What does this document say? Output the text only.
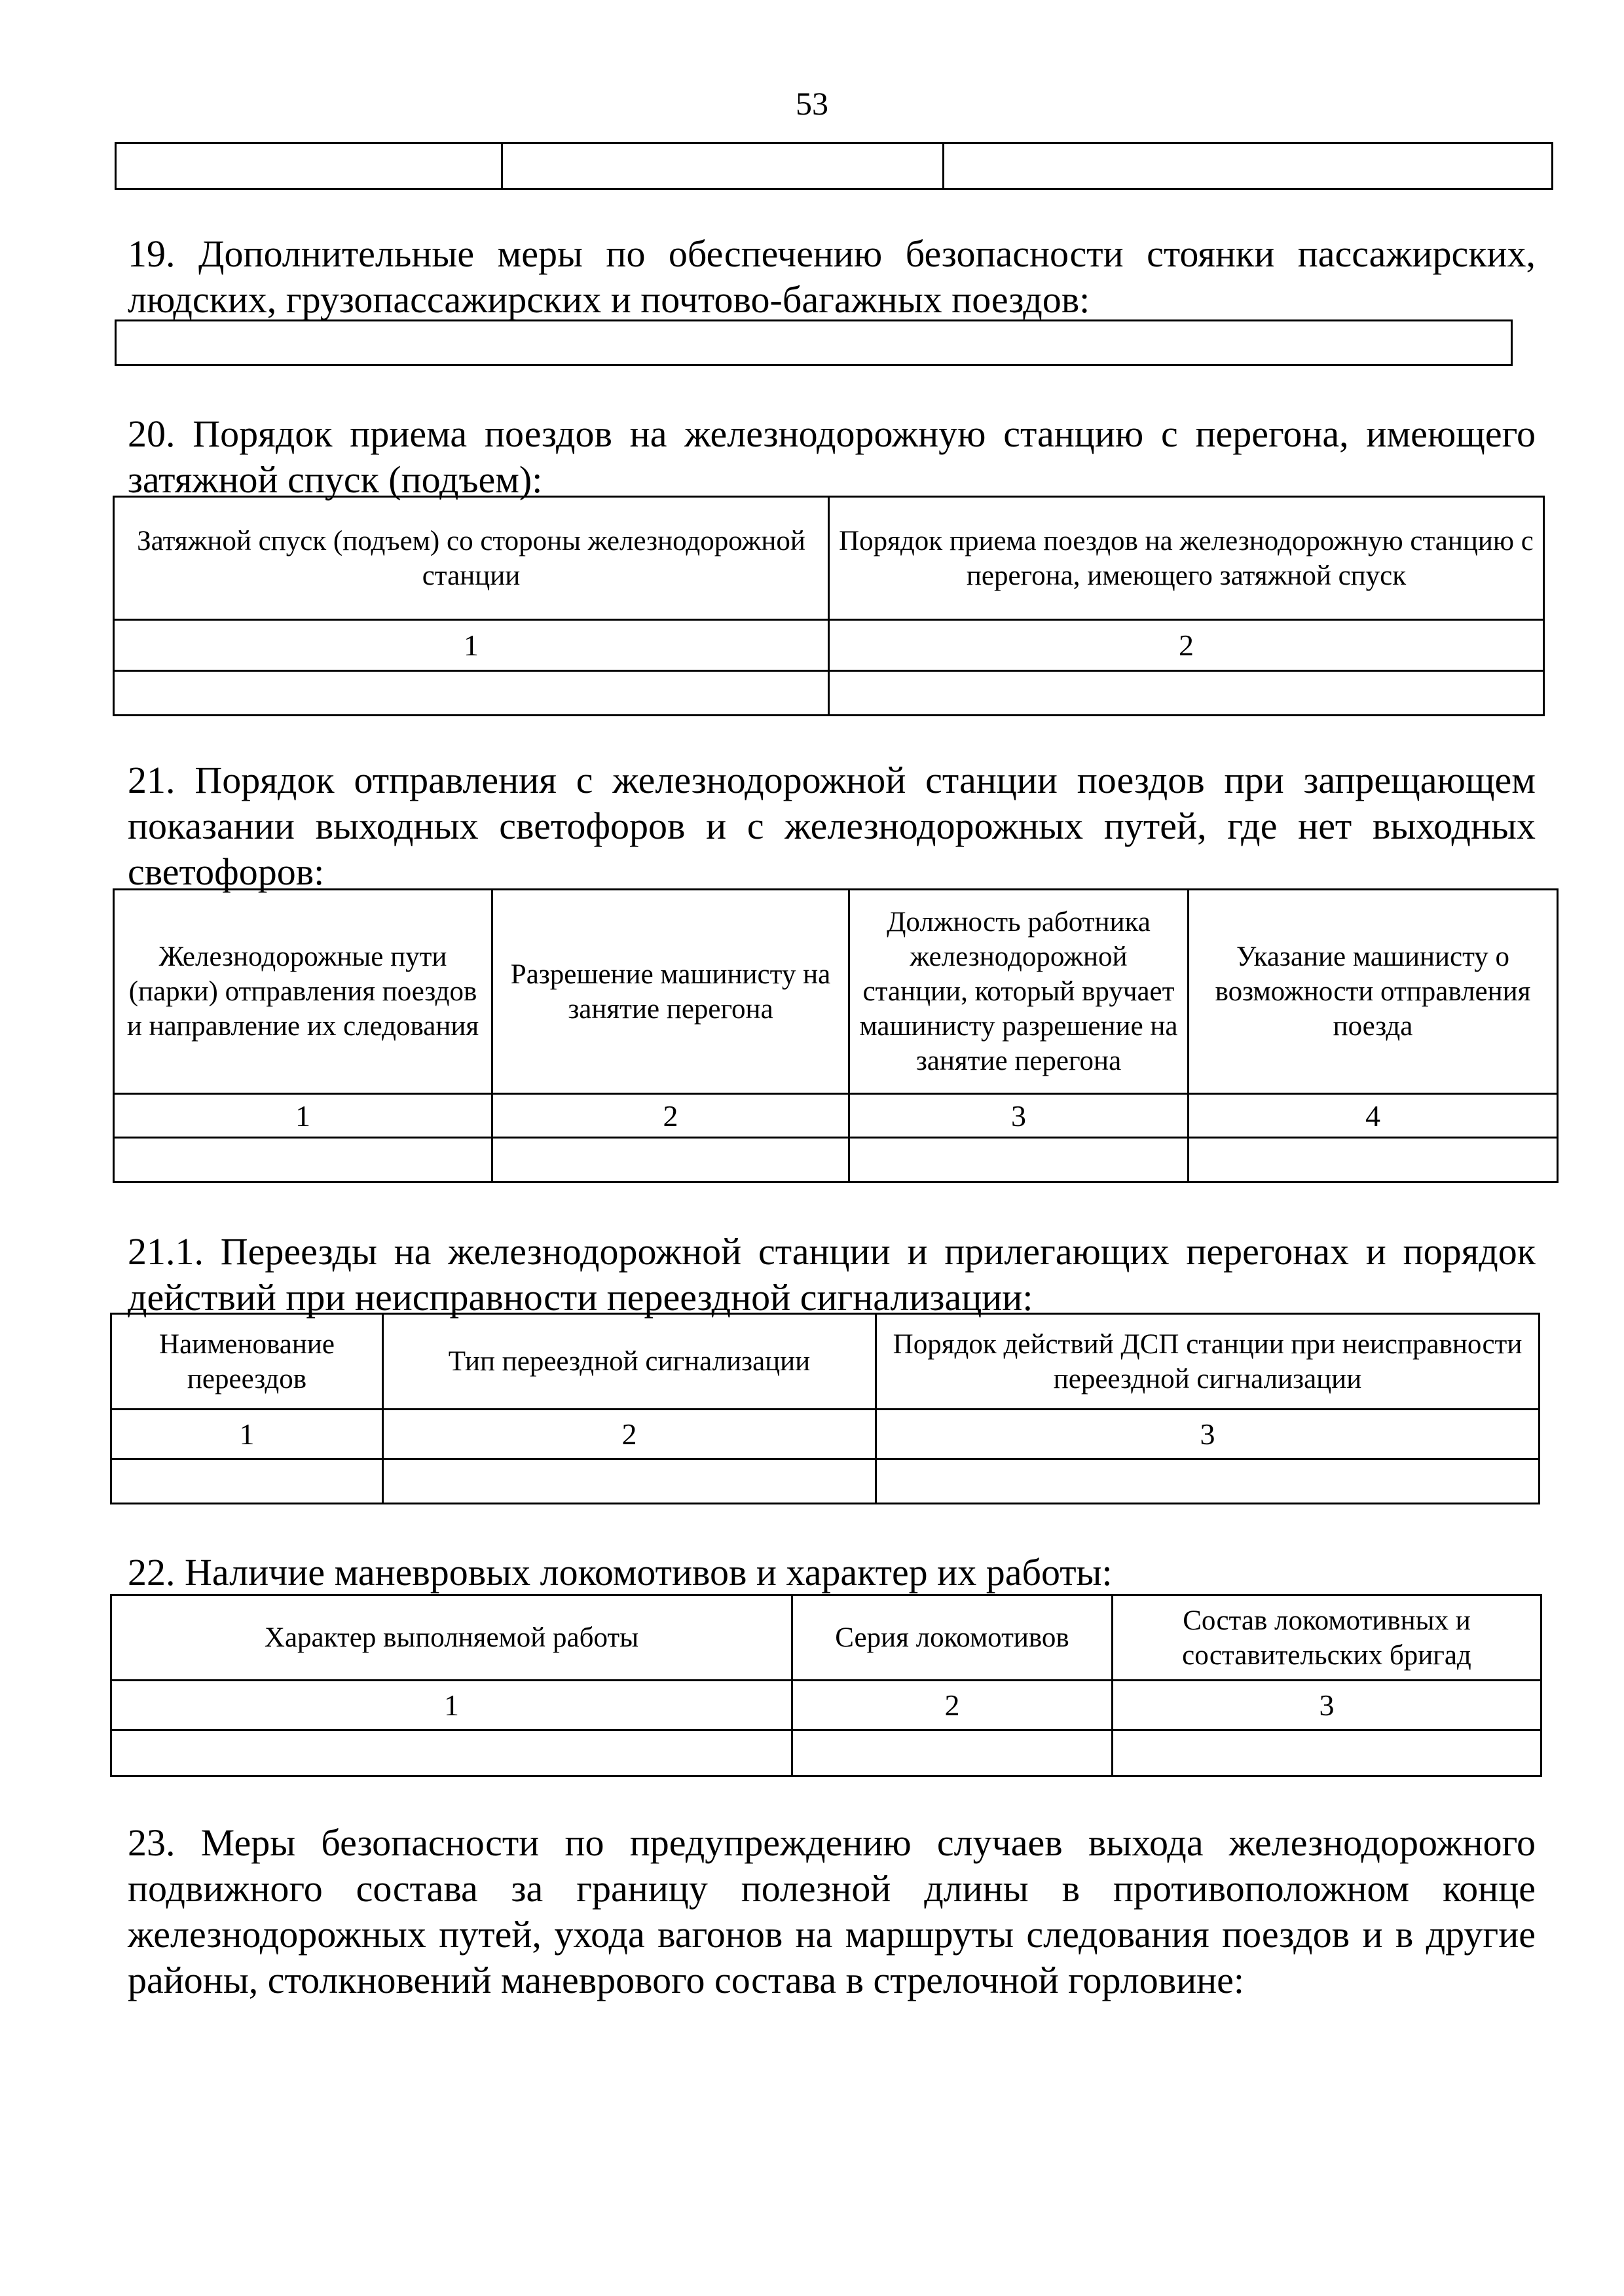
53

19. Дополнительные меры по обеспечению безопасности стоянки пассажирских, людских, грузопассажирских и почтово-багажных поездов:

20. Порядок приема поездов на железнодорожную станцию с перегона, имеющего затяжной спуск (подъем):

Затяжной спуск (подъем) со стороны железнодорожной станции	Порядок приема поездов на железнодорожную станцию с перегона, имеющего затяжной спуск
1	2

21. Порядок отправления с железнодорожной станции поездов при запрещающем показании выходных светофоров и с железнодорожных путей, где нет выходных светофоров:

Железнодорожные пути (парки) отправления поездов и направление их следования	Разрешение машинисту на занятие перегона	Должность работника железнодорожной станции, который вручает машинисту разрешение на занятие перегона	Указание машинисту о возможности отправления поезда
1	2	3	4

21.1. Переезды на железнодорожной станции и прилегающих перегонах и порядок действий при неисправности переездной сигнализации:

Наименование переездов	Тип переездной сигнализации	Порядок действий ДСП станции при неисправности переездной сигнализации
1	2	3

22. Наличие маневровых локомотивов и характер их работы:

Характер выполняемой работы	Серия локомотивов	Состав локомотивных и составительских бригад
1	2	3

23. Меры безопасности по предупреждению случаев выхода железнодорожного подвижного состава за границу полезной длины в противоположном конце железнодорожных путей, ухода вагонов на маршруты следования поездов и в другие районы, столкновений маневрового состава в стрелочной горловине:
